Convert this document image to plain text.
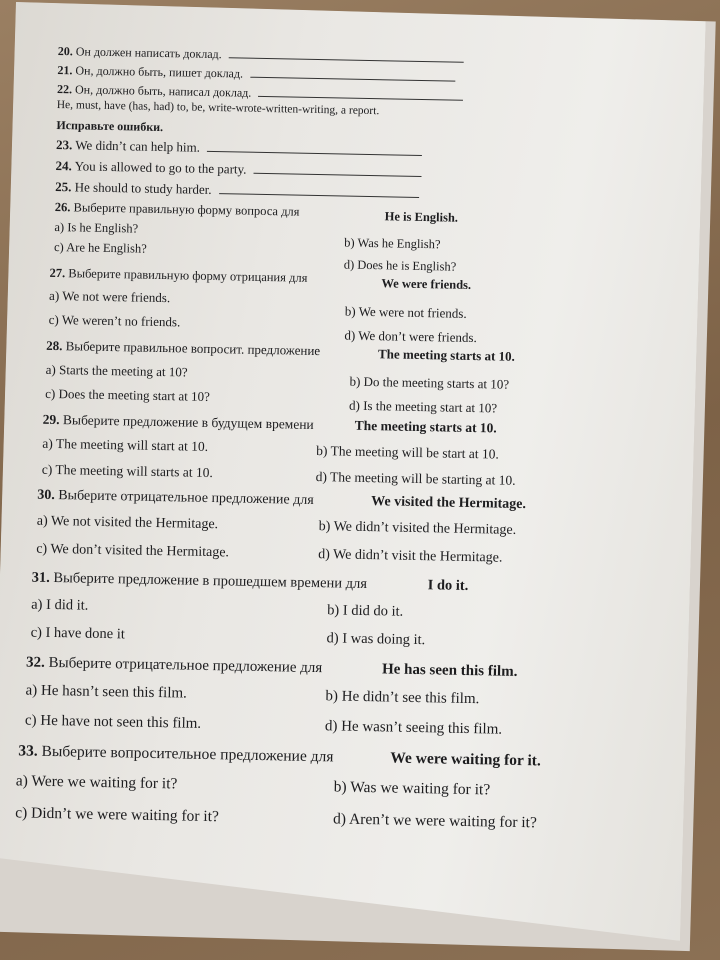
20. Он должен написать доклад.
21. Он, должно быть, пишет доклад.
22. Он, должно быть, написал доклад.
He, must, have (has, had) to, be, write-wrote-written-writing, a report.
Исправьте ошибки.
23. We didn’t can help him.
24. You is allowed to go to the party.
25. He should to study harder.
26. Выберите правильную форму вопроса для	He is English.
a) Is he English?
b) Was he English?
c) Are he English?
d) Does he is English?
27. Выберите правильную форму отрицания для	We were friends.
a) We not were friends.
b) We were not friends.
c) We weren’t no friends.
d) We don’t were friends.
28. Выберите правильное вопросит. предложение	The meeting starts at 10.
a) Starts the meeting at 10?
b) Do the meeting starts at 10?
c) Does the meeting start at 10?
d) Is the meeting start at 10?
29. Выберите предложение в будущем времени	The meeting starts at 10.
a) The meeting will start at 10.	b) The meeting will be start at 10.
c) The meeting will starts at 10.	d) The meeting will be starting at 10.
30. Выберите отрицательное предложение для	We visited the Hermitage.
a) We not visited the Hermitage.	b) We didn’t visited the Hermitage.
c) We don’t visited the Hermitage.	d) We didn’t visit the Hermitage.
31. Выберите предложение в прошедшем времени для	I do it.
a) I did it.	b) I did do it.
c) I have done it	d) I was doing it.
32. Выберите отрицательное предложение для	He has seen this film.
a) He hasn’t seen this film.	b) He didn’t see this film.
c) He have not seen this film.	d) He wasn’t seeing this film.
33. Выберите вопросительное предложение для	We were waiting for it.
a) Were we waiting for it?	b) Was we waiting for it?
c) Didn’t we were waiting for it?	d) Aren’t we were waiting for it?
